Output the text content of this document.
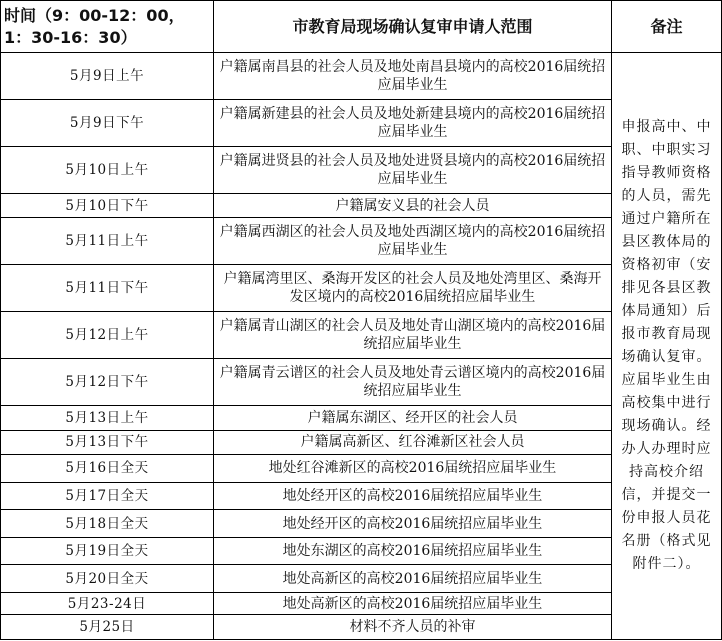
时间（9：00-12：00，1：30-16：30）	市教育局现场确认复审申请人范围	备注
5月9日上午	户籍属南昌县的社会人员及地处南昌县境内的高校2016届统招应届毕业生	申报高中、中职、中职实习指导教师资格的人员，需先通过户籍所在县区教体局的资格初审（安排见各县区教体局通知）后报市教育局现场确认复审。应届毕业生由高校集中进行现场确认。经办人办理时应持高校介绍信，并提交一份申报人员花名册（格式见附件二）。
5月9日下午	户籍属新建县的社会人员及地处新建县境内的高校2016届统招应届毕业生	
5月10日上午	户籍属进贤县的社会人员及地处进贤县境内的高校2016届统招应届毕业生	
5月10日下午	户籍属安义县的社会人员	
5月11日上午	户籍属西湖区的社会人员及地处西湖区境内的高校2016届统招应届毕业生	
5月11日下午	户籍属湾里区、桑海开发区的社会人员及地处湾里区、桑海开发区境内的高校2016届统招应届毕业生	
5月12日上午	户籍属青山湖区的社会人员及地处青山湖区境内的高校2016届统招应届毕业生	
5月12日下午	户籍属青云谱区的社会人员及地处青云谱区境内的高校2016届统招应届毕业生	
5月13日上午	户籍属东湖区、经开区的社会人员	
5月13日下午	户籍属高新区、红谷滩新区社会人员	
5月16日全天	地处红谷滩新区的高校2016届统招应届毕业生	
5月17日全天	地处经开区的高校2016届统招应届毕业生	
5月18日全天	地处经开区的高校2016届统招应届毕业生	
5月19日全天	地处东湖区的高校2016届统招应届毕业生	
5月20日全天	地处高新区的高校2016届统招应届毕业生	
5月23-24日	地处高新区的高校2016届统招应届毕业生	
5月25日	材料不齐人员的补审	
